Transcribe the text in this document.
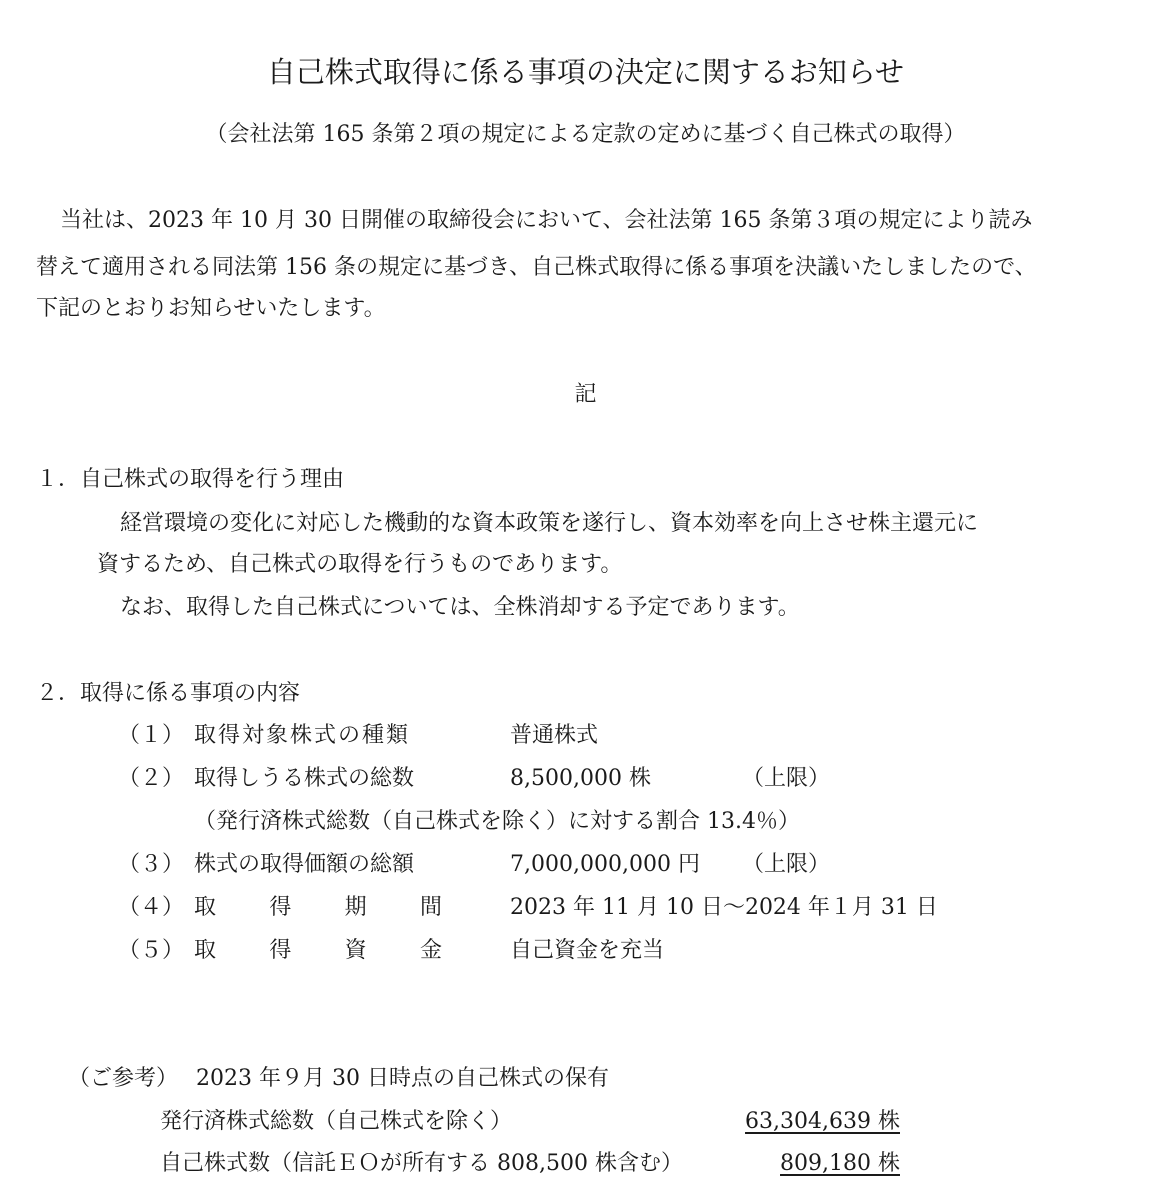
自己株式取得に係る事項の決定に関するお知らせ
（会社法第 165 条第２項の規定による定款の定めに基づく自己株式の取得）
当社は、2023 年 10 月 30 日開催の取締役会において、会社法第 165 条第３項の規定により読み
替えて適用される同法第 156 条の規定に基づき、自己株式取得に係る事項を決議いたしましたので、
下記のとおりお知らせいたします。
記
１．自己株式の取得を行う理由
経営環境の変化に対応した機動的な資本政策を遂行し、資本効率を向上させ株主還元に
資するため、自己株式の取得を行うものであります。
なお、取得した自己株式については、全株消却する予定であります。
２．取得に係る事項の内容
（１） 取得対象株式の種類	普通株式
（２） 取得しうる株式の総数	8,500,000 株	（上限）
（発行済株式総数（自己株式を除く）に対する割合 13.4％）
（３） 株式の取得価額の総額	7,000,000,000 円 （上限）
（４） 取 得 期 間	2023 年 11 月 10 日～2024 年１月 31 日
（５） 取 得 資 金	自己資金を充当
（ご参考） 2023 年９月 30 日時点の自己株式の保有
発行済株式総数（自己株式を除く）	63,304,639 株
自己株式数（信託ＥＯが所有する 808,500 株含む）	809,180 株
